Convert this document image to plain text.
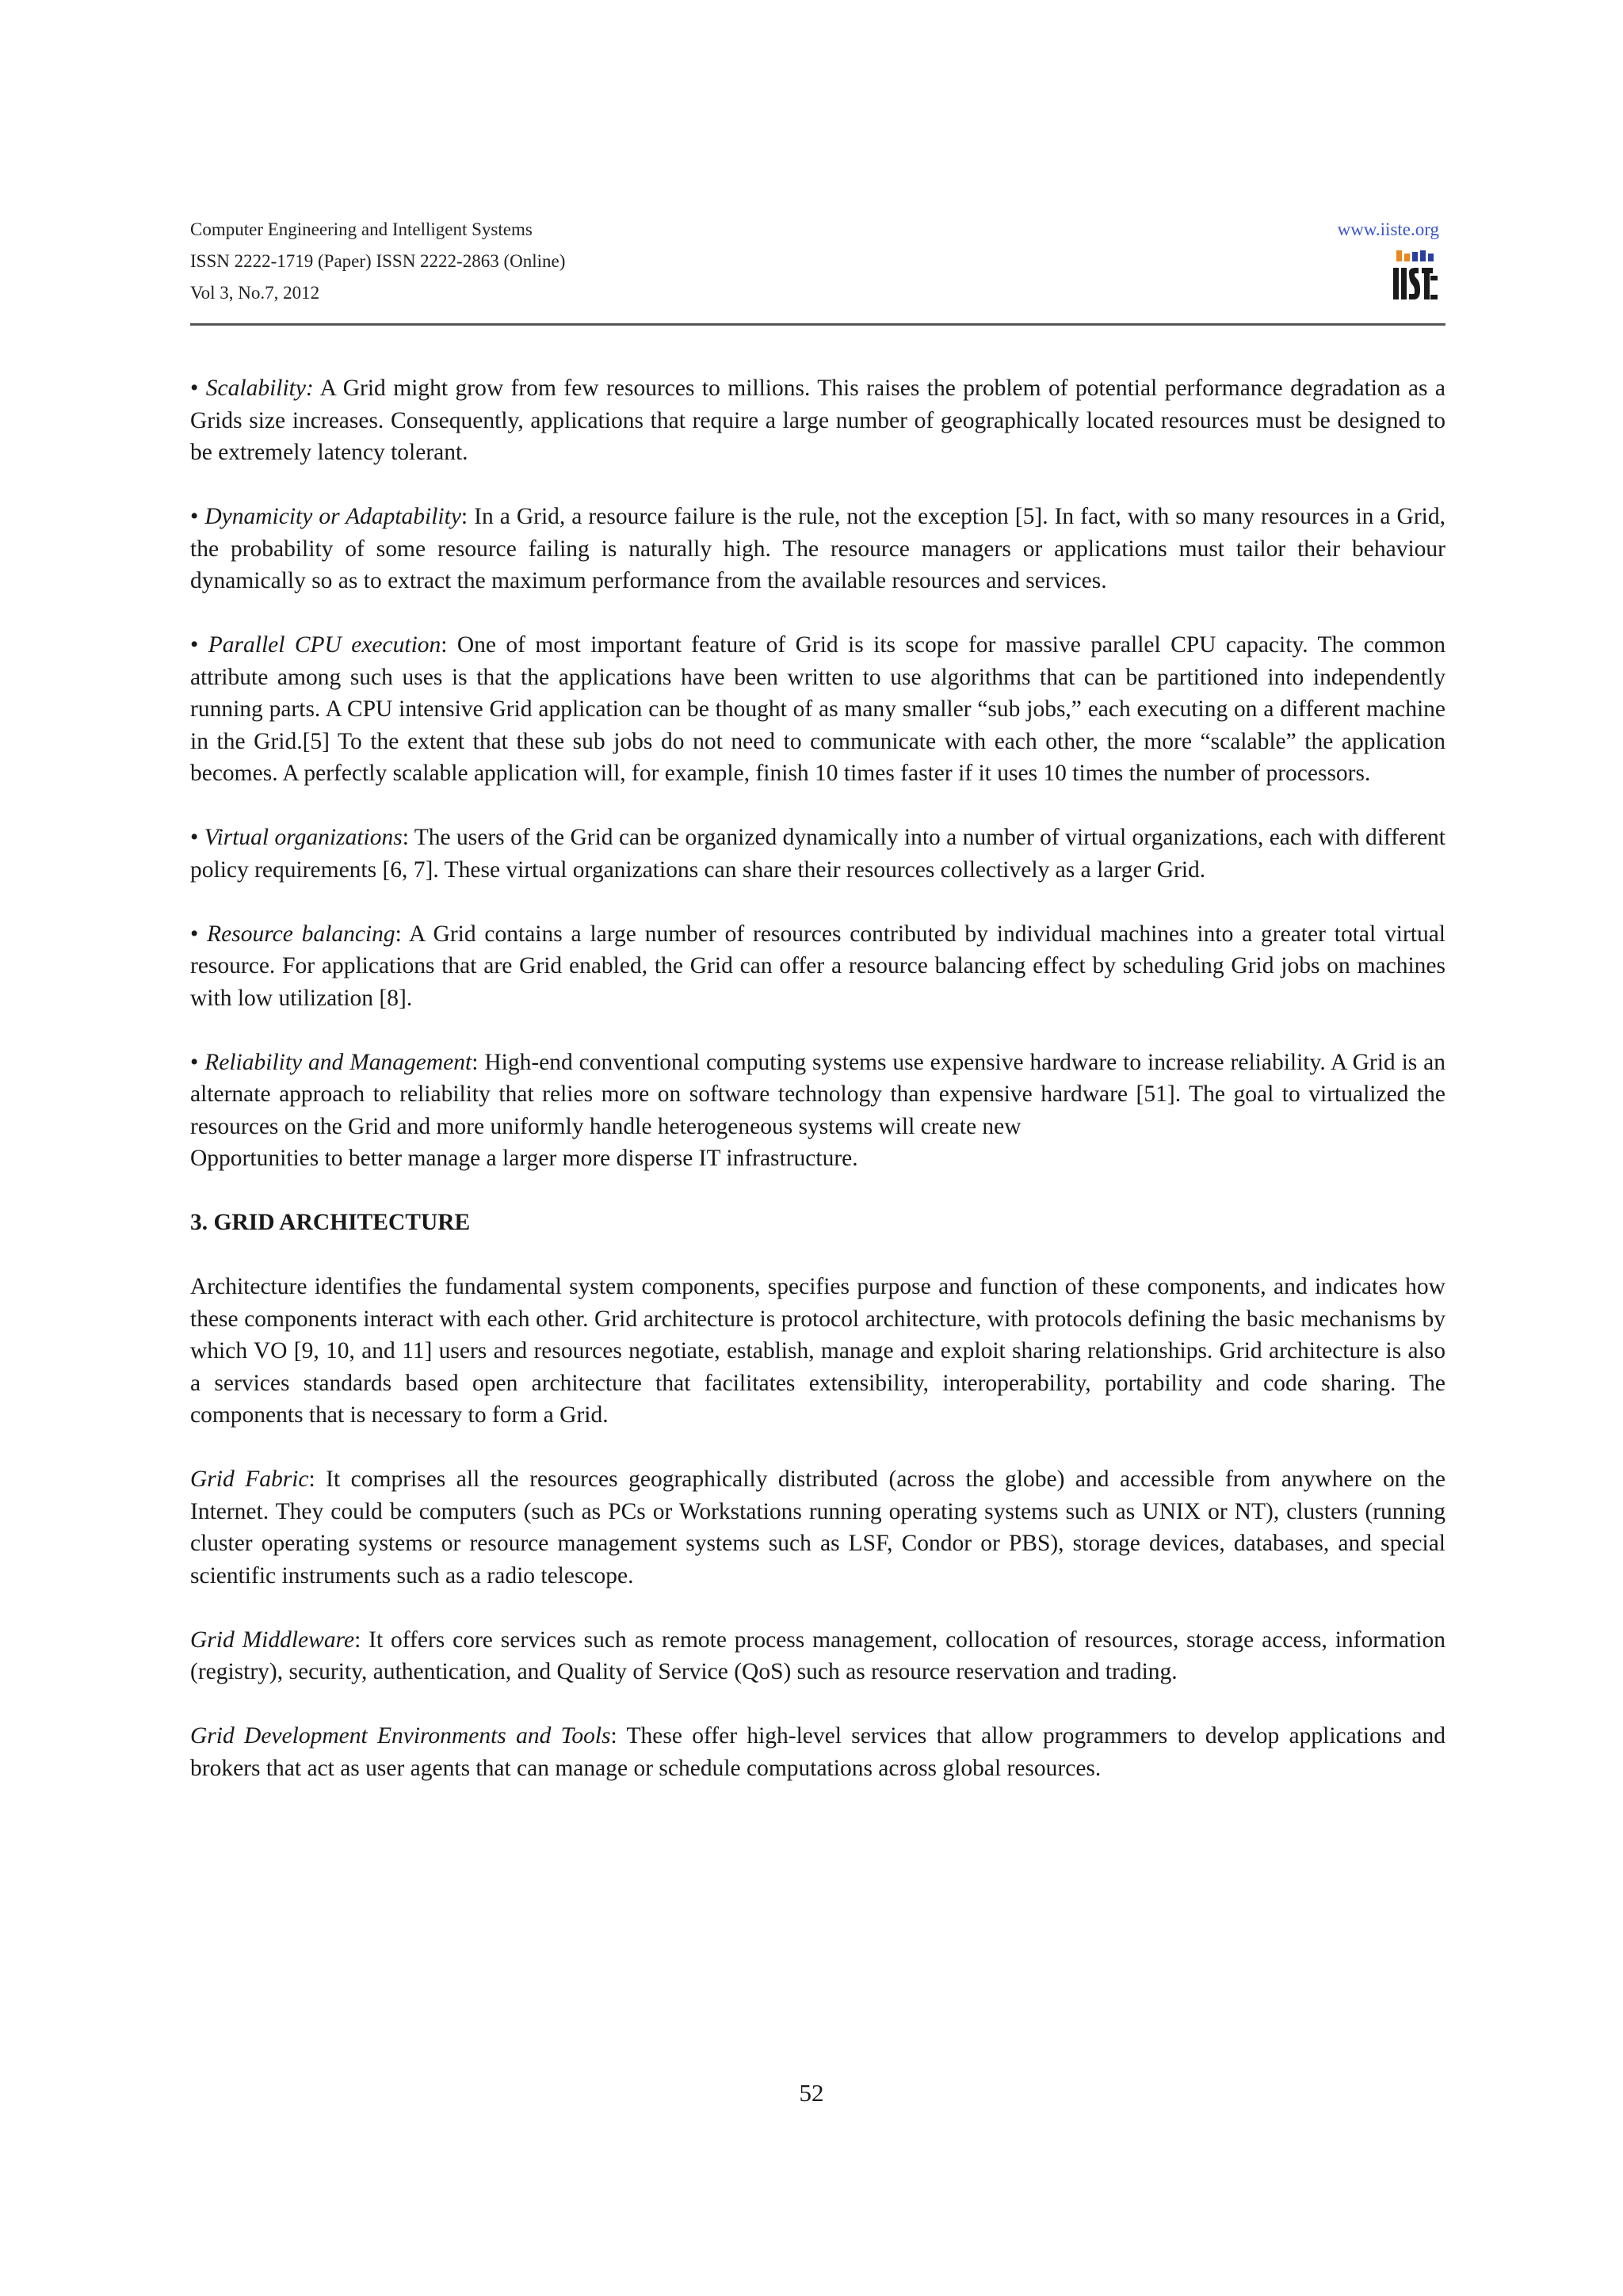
Computer Engineering and Intelligent Systems
ISSN 2222-1719 (Paper) ISSN 2222-2863 (Online)
Vol 3, No.7, 2012
www.iiste.org

• Scalability: A Grid might grow from few resources to millions. This raises the problem of potential performance degradation as a Grids size increases. Consequently, applications that require a large number of geographically located resources must be designed to be extremely latency tolerant.

• Dynamicity or Adaptability: In a Grid, a resource failure is the rule, not the exception [5]. In fact, with so many resources in a Grid, the probability of some resource failing is naturally high. The resource managers or applications must tailor their behaviour dynamically so as to extract the maximum performance from the available resources and services.

• Parallel CPU execution: One of most important feature of Grid is its scope for massive parallel CPU capacity. The common attribute among such uses is that the applications have been written to use algorithms that can be partitioned into independently running parts. A CPU intensive Grid application can be thought of as many smaller “sub jobs,” each executing on a different machine in the Grid.[5] To the extent that these sub jobs do not need to communicate with each other, the more “scalable” the application becomes. A perfectly scalable application will, for example, finish 10 times faster if it uses 10 times the number of processors.

• Virtual organizations: The users of the Grid can be organized dynamically into a number of virtual organizations, each with different policy requirements [6, 7]. These virtual organizations can share their resources collectively as a larger Grid.

• Resource balancing: A Grid contains a large number of resources contributed by individual machines into a greater total virtual resource. For applications that are Grid enabled, the Grid can offer a resource balancing effect by scheduling Grid jobs on machines with low utilization [8].

• Reliability and Management: High-end conventional computing systems use expensive hardware to increase reliability. A Grid is an alternate approach to reliability that relies more on software technology than expensive hardware [51]. The goal to virtualized the resources on the Grid and more uniformly handle heterogeneous systems will create new

Opportunities to better manage a larger more disperse IT infrastructure.

3. GRID ARCHITECTURE

Architecture identifies the fundamental system components, specifies purpose and function of these components, and indicates how these components interact with each other. Grid architecture is protocol architecture, with protocols defining the basic mechanisms by which VO [9, 10, and 11] users and resources negotiate, establish, manage and exploit sharing relationships. Grid architecture is also a services standards based open architecture that facilitates extensibility, interoperability, portability and code sharing. The components that is necessary to form a Grid.

Grid Fabric: It comprises all the resources geographically distributed (across the globe) and accessible from anywhere on the Internet. They could be computers (such as PCs or Workstations running operating systems such as UNIX or NT), clusters (running cluster operating systems or resource management systems such as LSF, Condor or PBS), storage devices, databases, and special scientific instruments such as a radio telescope.

Grid Middleware: It offers core services such as remote process management, collocation of resources, storage access, information (registry), security, authentication, and Quality of Service (QoS) such as resource reservation and trading.

Grid Development Environments and Tools: These offer high-level services that allow programmers to develop applications and brokers that act as user agents that can manage or schedule computations across global resources.

52
